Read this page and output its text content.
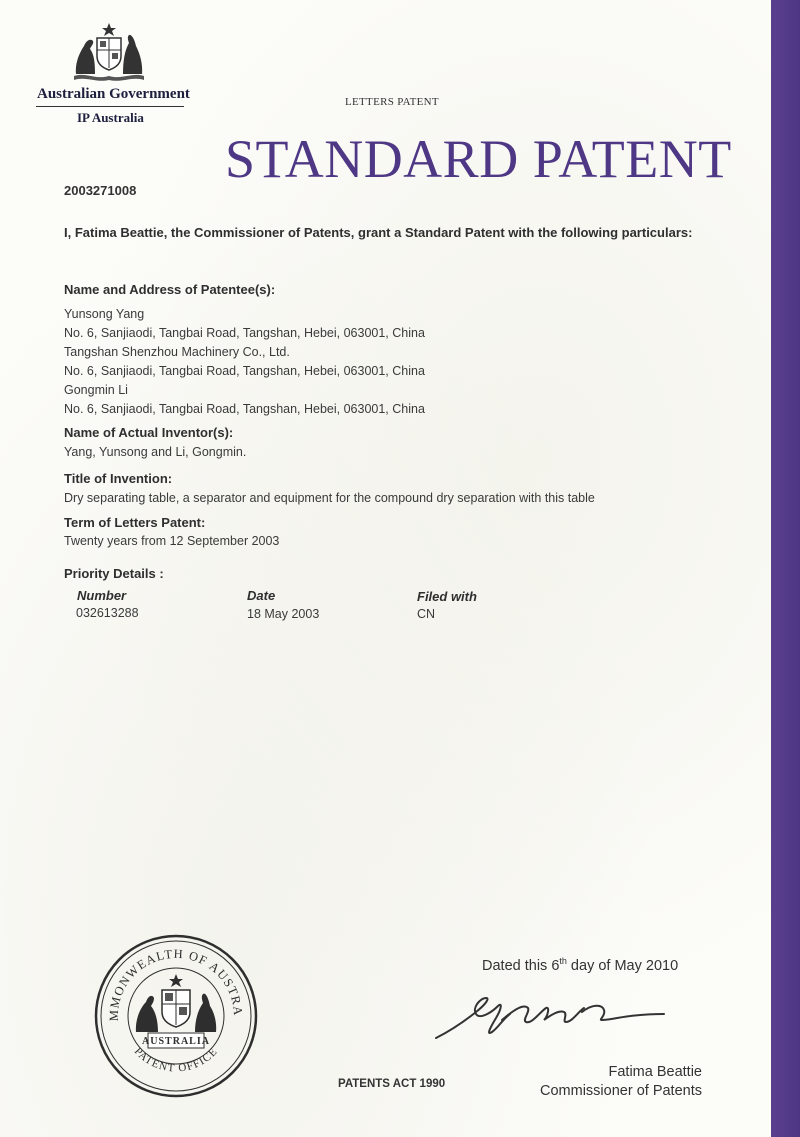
Australian Government
IP Australia
LETTERS PATENT
STANDARD PATENT
2003271008
I, Fatima Beattie, the Commissioner of Patents, grant a Standard Patent with the following particulars:
Name and Address of Patentee(s):
Yunsong Yang
No. 6, Sanjiaodi, Tangbai Road, Tangshan, Hebei, 063001, China
Tangshan Shenzhou Machinery Co., Ltd.
No. 6, Sanjiaodi, Tangbai Road, Tangshan, Hebei, 063001, China
Gongmin Li
No. 6, Sanjiaodi, Tangbai Road, Tangshan, Hebei, 063001, China
Name of Actual Inventor(s):
Yang, Yunsong and Li, Gongmin.
Title of Invention:
Dry separating table, a separator and equipment for the compound dry separation with this table
Term of Letters Patent:
Twenty years from 12 September 2003
Priority Details :
Number	Date	Filed with
032613288	18 May 2003	CN
MMONWEALTH OF AUSTRA
PATENT OFFICE
AUSTRALIA
Dated this 6th day of May 2010
PATENTS ACT 1990
Fatima Beattie
Commissioner of Patents
